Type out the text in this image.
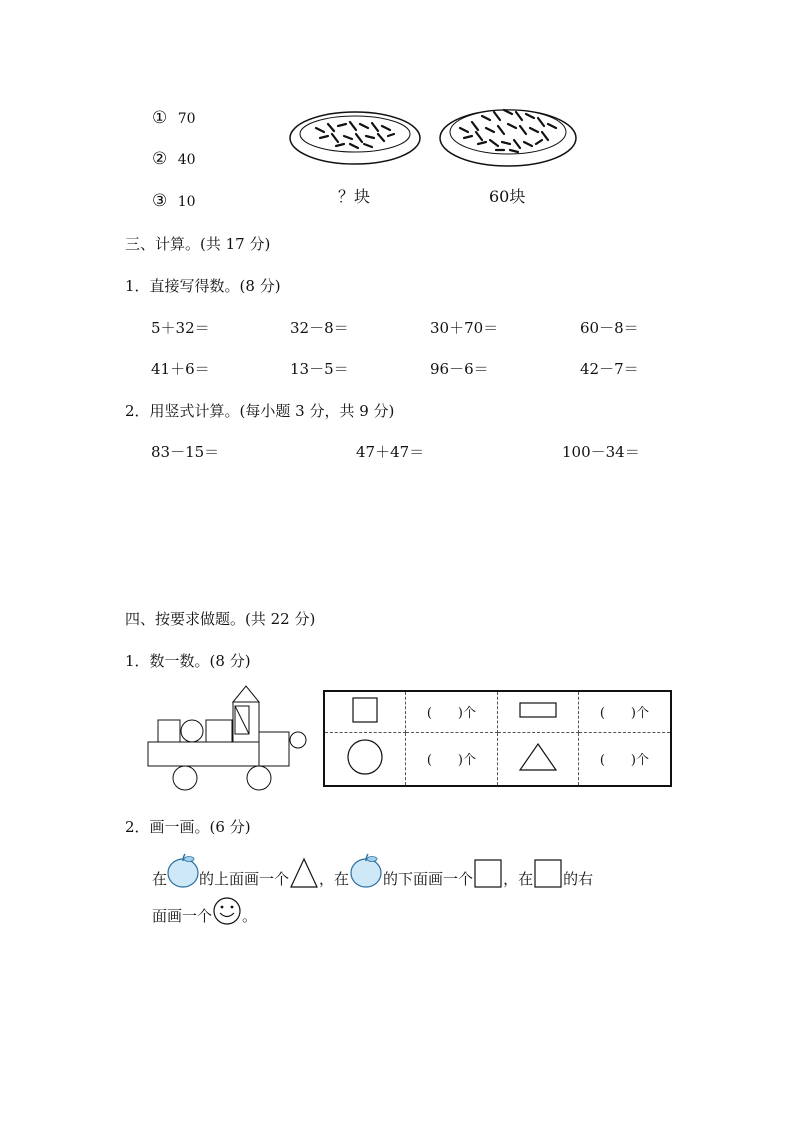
① 70
② 40
③ 10	？块	60块
三、计算。(共 17 分)
1．直接写得数。(8 分)
5＋32＝	32－8＝	30＋70＝	60－8＝
41＋6＝	13－5＝	96－6＝	42－7＝
2．用竖式计算。(每小题 3 分，共 9 分)
83－15＝	47＋47＝	100－34＝
四、按要求做题。(共 22 分)
1．数一数。(8 分)
	(　　)个		(　　)个
	(　　)个		(　　)个
2．画一画。(6 分)
在 的上面画一个 ，在 的下面画一个 ，在 的右
面画一个 。
